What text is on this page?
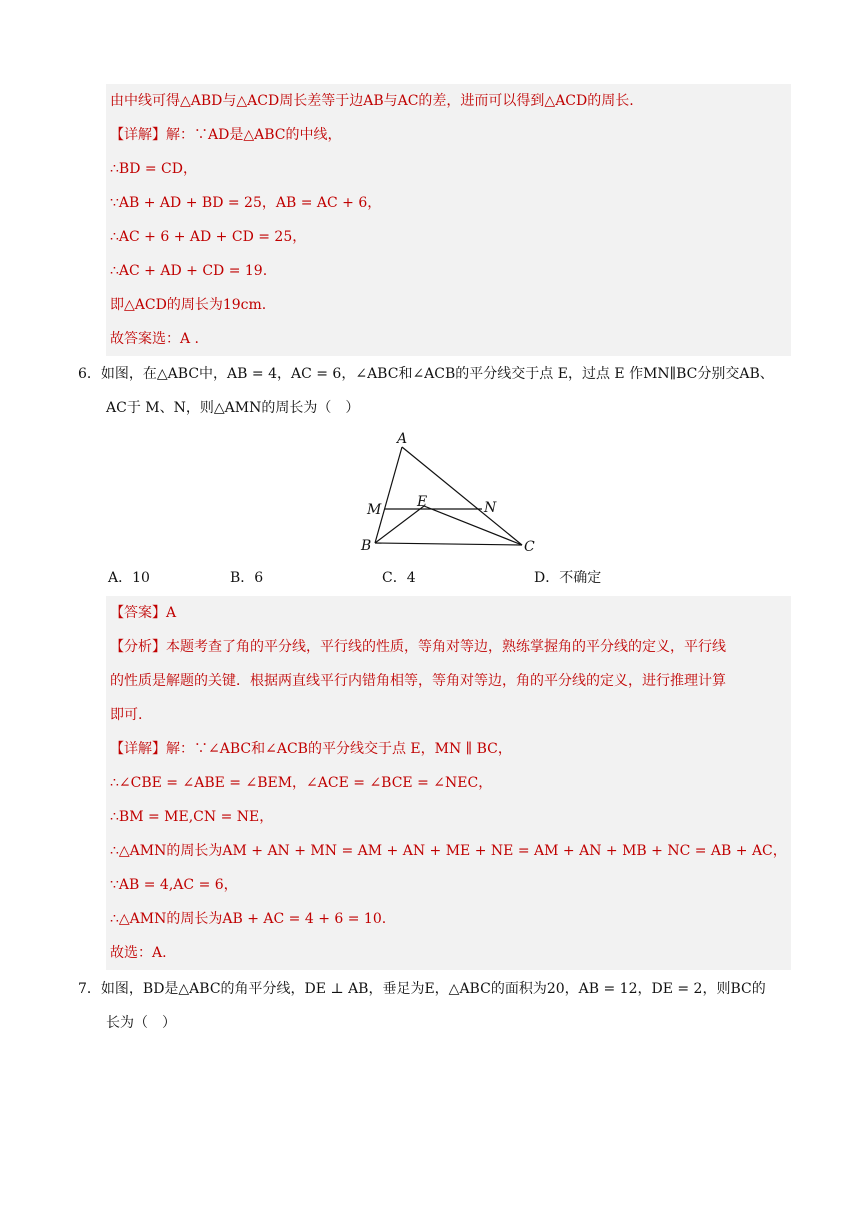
由中线可得△ABD与△ACD周长差等于边AB与AC的差，进而可以得到△ACD的周长.
【详解】解：∵AD是△ABC的中线，
∴BD = CD，
∵AB + AD + BD = 25，AB = AC + 6，
∴AC + 6 + AD + CD = 25，
∴AC + AD + CD = 19.
即△ACD的周长为19cm.
故答案选：A .
6．如图，在△ABC中，AB = 4，AC = 6，∠ABC和∠ACB的平分线交于点 E，过点 E 作MN∥BC分别交AB、
AC于 M、N，则△AMN的周长为（　）
A
B	C
M	N
E
A．10	B．6	C．4	D．不确定
【答案】A
【分析】本题考查了角的平分线，平行线的性质，等角对等边，熟练掌握角的平分线的定义，平行线
的性质是解题的关键．根据两直线平行内错角相等，等角对等边，角的平分线的定义，进行推理计算
即可.
【详解】解：∵∠ABC和∠ACB的平分线交于点 E，MN ∥ BC，
∴∠CBE = ∠ABE = ∠BEM，∠ACE = ∠BCE = ∠NEC，
∴BM = ME,CN = NE，
∴△AMN的周长为AM + AN + MN = AM + AN + ME + NE = AM + AN + MB + NC = AB + AC，
∵AB = 4,AC = 6，
∴△AMN的周长为AB + AC = 4 + 6 = 10.
故选：A.
7．如图，BD是△ABC的角平分线，DE ⊥ AB，垂足为E，△ABC的面积为20，AB = 12，DE = 2，则BC的
长为（　）
